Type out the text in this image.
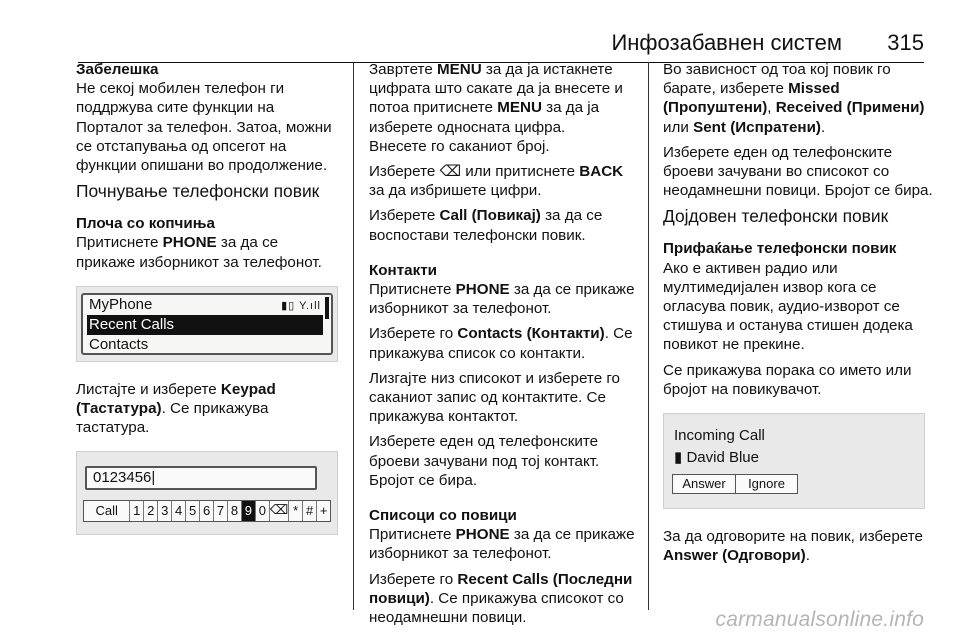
Инфозабавнен систем 315
Забелешка
Не секој мобилен телефон ги поддржува сите функции на Порталот за телефон. Затоа, можни се отстапувања од опсегот на функции опишани во продолжение.
Почнување телефонски повик
Плоча со копчиња
Притиснете PHONE за да се прикаже изборникот за телефонот.
MyPhone	▮▯ Y.ıll
Recent Calls
Contacts
Листајте и изберете Keypad (Тастатура). Се прикажува тастатура.
0123456|
Call	1 2 3 4 5 6 7 8 9 0 ⌫ * # +
Завртете MENU за да ја истакнете цифрата што сакате да ја внесете и потоа притиснете MENU за да ја изберете односната цифра.
Внесете го саканиот број.
Изберете ⌫ или притиснете BACK за да избришете цифри.
Изберете Call (Повикај) за да се воспостави телефонски повик.
Контакти
Притиснете PHONE за да се прикаже изборникот за телефонот.
Изберете го Contacts (Контакти). Се прикажува список со контакти.
Лизгајте низ списокот и изберете го саканиот запис од контактите. Се прикажува контактот.
Изберете еден од телефонските броеви зачувани под тој контакт. Бројот се бира.
Списоци со повици
Притиснете PHONE за да се прикаже изборникот за телефонот.
Изберете го Recent Calls (Последни повици). Се прикажува списокот со неодамнешни повици.
Во зависност од тоа кој повик го барате, изберете Missed (Пропуштени), Received (Примени) или Sent (Испратени).
Изберете еден од телефонските броеви зачувани во списокот со неодамнешни повици. Бројот се бира.
Дојдовен телефонски повик
Прифаќање телефонски повик
Ако е активен радио или мултимедијален извор кога се огласува повик, аудио-изворот се стишува и останува стишен додека повикот не прекине.
Се прикажува порака со името или бројот на повикувачот.
Incoming Call
▮ David Blue
Answer	Ignore
За да одговорите на повик, изберете Answer (Одговори).
carmanualsonline.info
